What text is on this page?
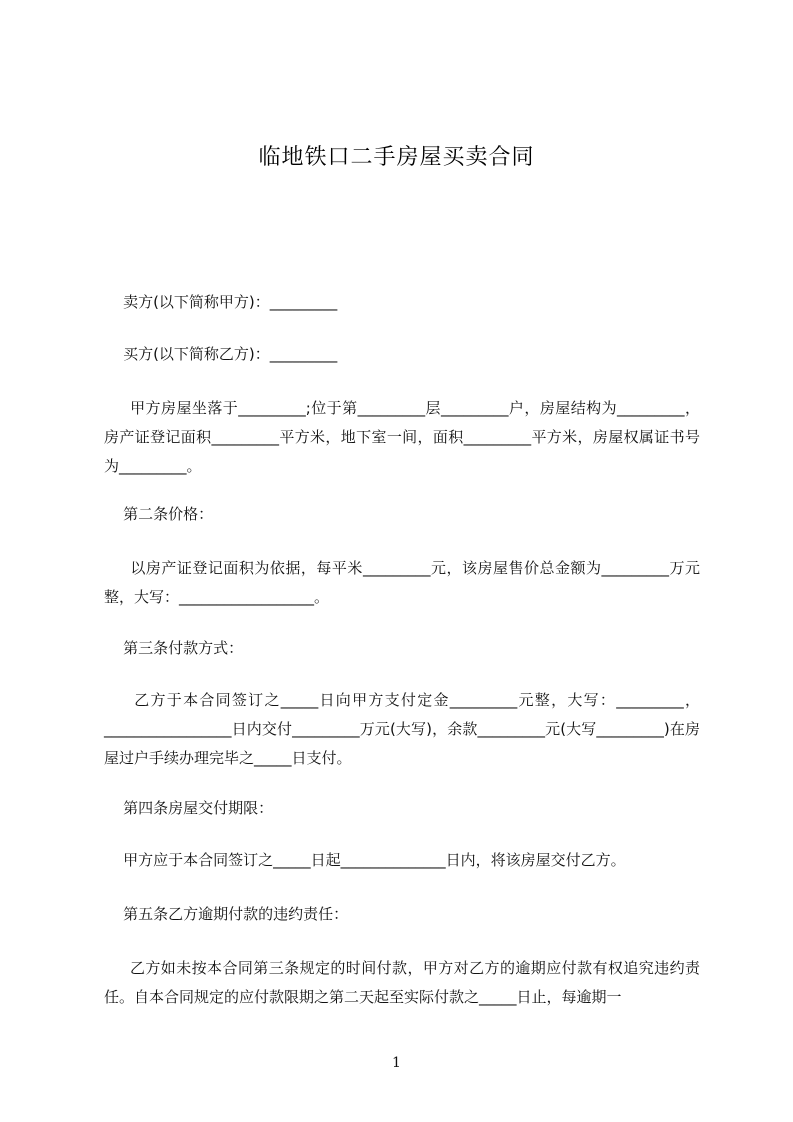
临地铁口二手房屋买卖合同
卖方(以下简称甲方)：_________
买方(以下简称乙方)：_________
甲方房屋坐落于_________;位于第_________层_________户，房屋结构为_________，房产证登记面积_________平方米，地下室一间，面积_________平方米，房屋权属证书号为_________。
第二条价格：
以房产证登记面积为依据，每平米_________元，该房屋售价总金额为_________万元整，大写：__________________。
第三条付款方式：
乙方于本合同签订之_____日向甲方支付定金_________元整，大写：_________，_________________日内交付_________万元(大写)，余款_________元(大写_________)在房屋过户手续办理完毕之_____日支付。
第四条房屋交付期限：
甲方应于本合同签订之_____日起______________日内，将该房屋交付乙方。
第五条乙方逾期付款的违约责任：
乙方如未按本合同第三条规定的时间付款，甲方对乙方的逾期应付款有权追究违约责任。自本合同规定的应付款限期之第二天起至实际付款之_____日止，每逾期一
1
